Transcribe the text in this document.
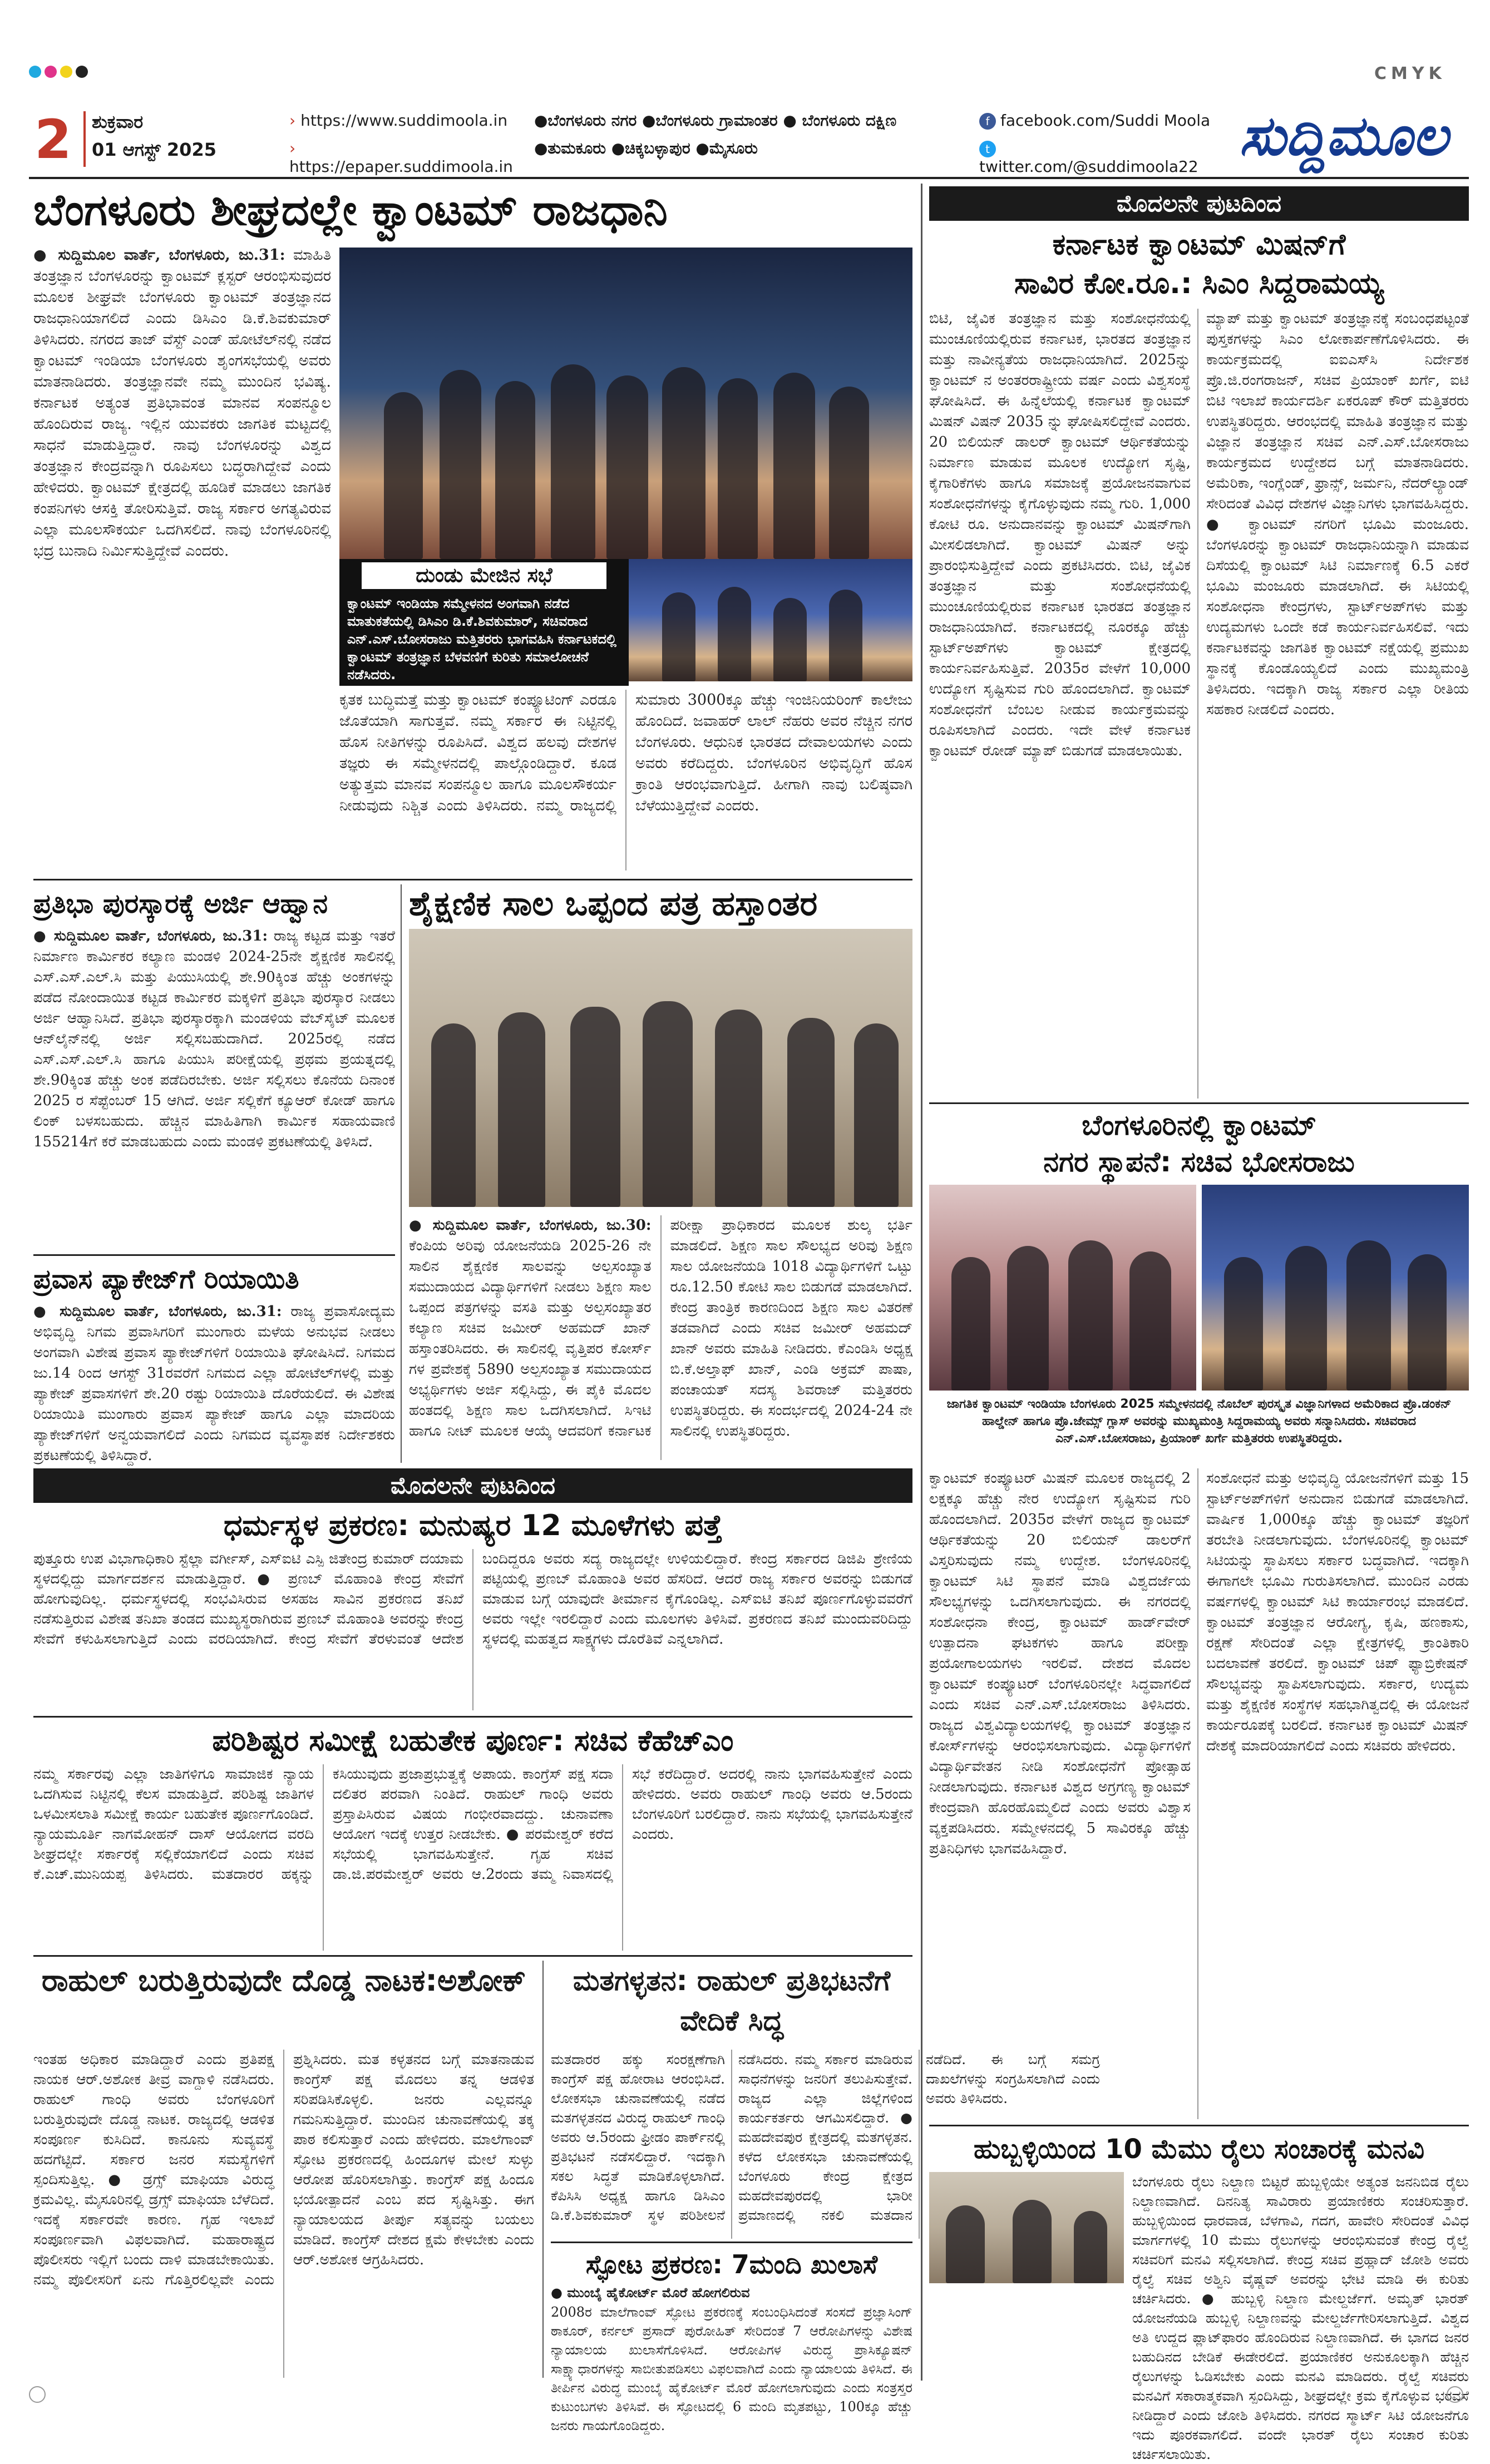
CMYK
2	ಶುಕ್ರವಾರ
01 ಆಗಸ್ಟ್ 2025
› https://www.suddimoola.in
› https://epaper.suddimoola.in
●ಬೆಂಗಳೂರು ನಗರ ●ಬೆಂಗಳೂರು ಗ್ರಾಮಾಂತರ ● ಬೆಂಗಳೂರು ದಕ್ಷಿಣ
●ತುಮಕೂರು ●ಚಿಕ್ಕಬಳ್ಳಾಪುರ ●ಮೈಸೂರು
f facebook.com/Suddi Moola
ttwitter.com/@suddimoola22 ಸುದ್ದಿಮೂಲ
ಬೆಂಗಳೂರು ಶೀಘ್ರದಲ್ಲೇ ಕ್ವಾಂಟಮ್ ರಾಜಧಾನಿ
● ಸುದ್ದಿಮೂಲ ವಾರ್ತೆ, ಬೆಂಗಳೂರು, ಜು.31: ಮಾಹಿತಿ ತಂತ್ರಜ್ಞಾನ ಬೆಂಗಳೂರನ್ನು ಕ್ವಾಂಟಮ್ ಕ್ಲಸ್ಟರ್ ಆರಂಭಿಸುವುದರ ಮೂಲಕ ಶೀಘ್ರವೇ ಬೆಂಗಳೂರು ಕ್ವಾಂಟಮ್ ತಂತ್ರಜ್ಞಾನದ ರಾಜಧಾನಿಯಾಗಲಿದೆ ಎಂದು ಡಿಸಿಎಂ ಡಿ.ಕೆ.ಶಿವಕುಮಾರ್ ತಿಳಿಸಿದರು. ನಗರದ ತಾಜ್ ವೆಸ್ಟ್ ಎಂಡ್ ಹೋಟೆಲ್‌ನಲ್ಲಿ ನಡೆದ ಕ್ವಾಂಟಮ್ ಇಂಡಿಯಾ ಬೆಂಗಳೂರು ಶೃಂಗಸಭೆಯಲ್ಲಿ ಅವರು ಮಾತನಾಡಿದರು. ತಂತ್ರಜ್ಞಾನವೇ ನಮ್ಮ ಮುಂದಿನ ಭವಿಷ್ಯ. ಕರ್ನಾಟಕ ಅತ್ಯಂತ ಪ್ರತಿಭಾವಂತ ಮಾನವ ಸಂಪನ್ಮೂಲ ಹೊಂದಿರುವ ರಾಜ್ಯ. ಇಲ್ಲಿನ ಯುವಕರು ಜಾಗತಿಕ ಮಟ್ಟದಲ್ಲಿ ಸಾಧನೆ ಮಾಡುತ್ತಿದ್ದಾರೆ. ನಾವು ಬೆಂಗಳೂರನ್ನು ವಿಶ್ವದ ತಂತ್ರಜ್ಞಾನ ಕೇಂದ್ರವನ್ನಾಗಿ ರೂಪಿಸಲು ಬದ್ಧರಾಗಿದ್ದೇವೆ ಎಂದು ಹೇಳಿದರು. ಕ್ವಾಂಟಮ್ ಕ್ಷೇತ್ರದಲ್ಲಿ ಹೂಡಿಕೆ ಮಾಡಲು ಜಾಗತಿಕ ಕಂಪನಿಗಳು ಆಸಕ್ತಿ ತೋರಿಸುತ್ತಿವೆ. ರಾಜ್ಯ ಸರ್ಕಾರ ಅಗತ್ಯವಿರುವ ಎಲ್ಲಾ ಮೂಲಸೌಕರ್ಯ ಒದಗಿಸಲಿದೆ. ನಾವು ಬೆಂಗಳೂರಿನಲ್ಲಿ ಭದ್ರ ಬುನಾದಿ ನಿರ್ಮಿಸುತ್ತಿದ್ದೇವೆ ಎಂದರು.
ದುಂಡು ಮೇಜಿನ ಸಭೆ
ಕ್ವಾಂಟಮ್ ಇಂಡಿಯಾ ಸಮ್ಮೇಳನದ ಅಂಗವಾಗಿ ನಡೆದ ಮಾತುಕತೆಯಲ್ಲಿ ಡಿಸಿಎಂ ಡಿ.ಕೆ.ಶಿವಕುಮಾರ್, ಸಚಿವರಾದ ಎನ್.ಎಸ್.ಬೋಸರಾಜು ಮತ್ತಿತರರು ಭಾಗವಹಿಸಿ ಕರ್ನಾಟಕದಲ್ಲಿ ಕ್ವಾಂಟಮ್ ತಂತ್ರಜ್ಞಾನ ಬೆಳವಣಿಗೆ ಕುರಿತು ಸಮಾಲೋಚನೆ ನಡೆಸಿದರು.
ಕೃತಕ ಬುದ್ಧಿಮತ್ತೆ ಮತ್ತು ಕ್ವಾಂಟಮ್ ಕಂಪ್ಯೂಟಿಂಗ್ ಎರಡೂ ಜೊತೆಯಾಗಿ ಸಾಗುತ್ತವೆ. ನಮ್ಮ ಸರ್ಕಾರ ಈ ನಿಟ್ಟಿನಲ್ಲಿ ಹೊಸ ನೀತಿಗಳನ್ನು ರೂಪಿಸಿದೆ. ವಿಶ್ವದ ಹಲವು ದೇಶಗಳ ತಜ್ಞರು ಈ ಸಮ್ಮೇಳನದಲ್ಲಿ ಪಾಲ್ಗೊಂಡಿದ್ದಾರೆ. ಕೂಡ ಅತ್ಯುತ್ತಮ ಮಾನವ ಸಂಪನ್ಮೂಲ ಹಾಗೂ ಮೂಲಸೌಕರ್ಯ ನೀಡುವುದು ನಿಶ್ಚಿತ ಎಂದು ತಿಳಿಸಿದರು. ನಮ್ಮ ರಾಜ್ಯದಲ್ಲಿ ಸುಮಾರು 3000ಕ್ಕೂ ಹೆಚ್ಚು ಇಂಜಿನಿಯರಿಂಗ್ ಕಾಲೇಜು ಹೊಂದಿದೆ. ಜವಾಹರ್ ಲಾಲ್ ನೆಹರು ಅವರ ನೆಚ್ಚಿನ ನಗರ ಬೆಂಗಳೂರು. ಆಧುನಿಕ ಭಾರತದ ದೇವಾಲಯಗಳು ಎಂದು ಅವರು ಕರೆದಿದ್ದರು. ಬೆಂಗಳೂರಿನ ಅಭಿವೃದ್ಧಿಗೆ ಹೊಸ ಕ್ರಾಂತಿ ಆರಂಭವಾಗುತ್ತಿದೆ. ಹೀಗಾಗಿ ನಾವು ಬಲಿಷ್ಠವಾಗಿ ಬೆಳೆಯುತ್ತಿದ್ದೇವೆ ಎಂದರು.
ಪ್ರತಿಭಾ ಪುರಸ್ಕಾರಕ್ಕೆ ಅರ್ಜಿ ಆಹ್ವಾನ
● ಸುದ್ದಿಮೂಲ ವಾರ್ತೆ, ಬೆಂಗಳೂರು, ಜು.31: ರಾಜ್ಯ ಕಟ್ಟಡ ಮತ್ತು ಇತರೆ ನಿರ್ಮಾಣ ಕಾರ್ಮಿಕರ ಕಲ್ಯಾಣ ಮಂಡಳಿ 2024-25ನೇ ಶೈಕ್ಷಣಿಕ ಸಾಲಿನಲ್ಲಿ ಎಸ್.ಎಸ್.ಎಲ್.ಸಿ ಮತ್ತು ಪಿಯುಸಿಯಲ್ಲಿ ಶೇ.90ಕ್ಕಿಂತ ಹೆಚ್ಚು ಅಂಕಗಳನ್ನು ಪಡೆದ ನೋಂದಾಯಿತ ಕಟ್ಟಡ ಕಾರ್ಮಿಕರ ಮಕ್ಕಳಿಗೆ ಪ್ರತಿಭಾ ಪುರಸ್ಕಾರ ನೀಡಲು ಅರ್ಜಿ ಆಹ್ವಾನಿಸಿದೆ. ಪ್ರತಿಭಾ ಪುರಸ್ಕಾರಕ್ಕಾಗಿ ಮಂಡಳಿಯ ವೆಬ್‌ಸೈಟ್ ಮೂಲಕ ಆನ್‌ಲೈನ್‌ನಲ್ಲಿ ಅರ್ಜಿ ಸಲ್ಲಿಸಬಹುದಾಗಿದೆ. 2025ರಲ್ಲಿ ನಡೆದ ಎಸ್.ಎಸ್.ಎಲ್.ಸಿ ಹಾಗೂ ಪಿಯುಸಿ ಪರೀಕ್ಷೆಯಲ್ಲಿ ಪ್ರಥಮ ಪ್ರಯತ್ನದಲ್ಲಿ ಶೇ.90ಕ್ಕಿಂತ ಹೆಚ್ಚು ಅಂಕ ಪಡೆದಿರಬೇಕು. ಅರ್ಜಿ ಸಲ್ಲಿಸಲು ಕೊನೆಯ ದಿನಾಂಕ 2025 ರ ಸೆಪ್ಟೆಂಬರ್ 15 ಆಗಿದೆ. ಅರ್ಜಿ ಸಲ್ಲಿಕೆಗೆ ಕ್ಯೂಆರ್ ಕೋಡ್ ಹಾಗೂ ಲಿಂಕ್ ಬಳಸಬಹುದು. ಹೆಚ್ಚಿನ ಮಾಹಿತಿಗಾಗಿ ಕಾರ್ಮಿಕ ಸಹಾಯವಾಣಿ 155214ಗೆ ಕರೆ ಮಾಡಬಹುದು ಎಂದು ಮಂಡಳಿ ಪ್ರಕಟಣೆಯಲ್ಲಿ ತಿಳಿಸಿದೆ.
ಪ್ರವಾಸ ಪ್ಯಾಕೇಜ್‌ಗೆ ರಿಯಾಯಿತಿ
● ಸುದ್ದಿಮೂಲ ವಾರ್ತೆ, ಬೆಂಗಳೂರು, ಜು.31: ರಾಜ್ಯ ಪ್ರವಾಸೋದ್ಯಮ ಅಭಿವೃದ್ಧಿ ನಿಗಮ ಪ್ರವಾಸಿಗರಿಗೆ ಮುಂಗಾರು ಮಳೆಯ ಅನುಭವ ನೀಡಲು ಅಂಗವಾಗಿ ವಿಶೇಷ ಪ್ರವಾಸ ಪ್ಯಾಕೇಜ್‌ಗಳಿಗೆ ರಿಯಾಯಿತಿ ಘೋಷಿಸಿದೆ. ನಿಗಮದ ಜು.14 ರಿಂದ ಆಗಸ್ಟ್ 31ರವರೆಗೆ ನಿಗಮದ ಎಲ್ಲಾ ಹೋಟೆಲ್‌ಗಳಲ್ಲಿ ಮತ್ತು ಪ್ಯಾಕೇಜ್ ಪ್ರವಾಸಗಳಿಗೆ ಶೇ.20 ರಷ್ಟು ರಿಯಾಯಿತಿ ದೊರೆಯಲಿದೆ. ಈ ವಿಶೇಷ ರಿಯಾಯಿತಿ ಮುಂಗಾರು ಪ್ರವಾಸ ಪ್ಯಾಕೇಜ್ ಹಾಗೂ ಎಲ್ಲಾ ಮಾದರಿಯ ಪ್ಯಾಕೇಜ್‌ಗಳಿಗೆ ಅನ್ವಯವಾಗಲಿದೆ ಎಂದು ನಿಗಮದ ವ್ಯವಸ್ಥಾಪಕ ನಿರ್ದೇಶಕರು ಪ್ರಕಟಣೆಯಲ್ಲಿ ತಿಳಿಸಿದ್ದಾರೆ.
ಶೈಕ್ಷಣಿಕ ಸಾಲ ಒಪ್ಪಂದ ಪತ್ರ ಹಸ್ತಾಂತರ
● ಸುದ್ದಿಮೂಲ ವಾರ್ತೆ, ಬೆಂಗಳೂರು, ಜು.30: ಕೆಂಪಿಯ ಅರಿವು ಯೋಜನೆಯಡಿ 2025-26 ನೇ ಸಾಲಿನ ಶೈಕ್ಷಣಿಕ ಸಾಲವನ್ನು ಅಲ್ಪಸಂಖ್ಯಾತ ಸಮುದಾಯದ ವಿದ್ಯಾರ್ಥಿಗಳಿಗೆ ನೀಡಲು ಶಿಕ್ಷಣ ಸಾಲ ಒಪ್ಪಂದ ಪತ್ರಗಳನ್ನು ವಸತಿ ಮತ್ತು ಅಲ್ಪಸಂಖ್ಯಾತರ ಕಲ್ಯಾಣ ಸಚಿವ ಜಮೀರ್ ಅಹಮದ್ ಖಾನ್ ಹಸ್ತಾಂತರಿಸಿದರು. ಈ ಸಾಲಿನಲ್ಲಿ ವೃತ್ತಿಪರ ಕೋರ್ಸ್ ಗಳ ಪ್ರವೇಶಕ್ಕೆ 5890 ಅಲ್ಪಸಂಖ್ಯಾತ ಸಮುದಾಯದ ಅಭ್ಯರ್ಥಿಗಳು ಅರ್ಜಿ ಸಲ್ಲಿಸಿದ್ದು, ಈ ಪೈಕಿ ಮೊದಲ ಹಂತದಲ್ಲಿ ಶಿಕ್ಷಣ ಸಾಲ ಒದಗಿಸಲಾಗಿದೆ. ಸಿಇಟಿ ಹಾಗೂ ನೀಟ್ ಮೂಲಕ ಆಯ್ಕೆ ಆದವರಿಗೆ ಕರ್ನಾಟಕ ಪರೀಕ್ಷಾ ಪ್ರಾಧಿಕಾರದ ಮೂಲಕ ಶುಲ್ಕ ಭರ್ತಿ ಮಾಡಲಿದೆ. ಶಿಕ್ಷಣ ಸಾಲ ಸೌಲಭ್ಯದ ಅರಿವು ಶಿಕ್ಷಣ ಸಾಲ ಯೋಜನೆಯಡಿ 1018 ವಿದ್ಯಾರ್ಥಿಗಳಿಗೆ ಒಟ್ಟು ರೂ.12.50 ಕೋಟಿ ಸಾಲ ಬಿಡುಗಡೆ ಮಾಡಲಾಗಿದೆ. ಕೇಂದ್ರ ತಾಂತ್ರಿಕ ಕಾರಣದಿಂದ ಶಿಕ್ಷಣ ಸಾಲ ವಿತರಣೆ ತಡವಾಗಿದೆ ಎಂದು ಸಚಿವ ಜಮೀರ್ ಅಹಮದ್ ಖಾನ್ ಅವರು ಮಾಹಿತಿ ನೀಡಿದರು. ಕೆಎಂಡಿಸಿ ಅಧ್ಯಕ್ಷ ಬಿ.ಕೆ.ಅಲ್ತಾಫ್ ಖಾನ್, ಎಂಡಿ ಅಕ್ರಮ್ ಪಾಷಾ, ಪಂಚಾಯತ್ ಸದಸ್ಯ ಶಿವರಾಜ್ ಮತ್ತಿತರರು ಉಪಸ್ಥಿತರಿದ್ದರು. ಈ ಸಂದರ್ಭದಲ್ಲಿ 2024-24 ನೇ ಸಾಲಿನಲ್ಲಿ ಉಪಸ್ಥಿತರಿದ್ದರು.
ಮೊದಲನೇ ಪುಟದಿಂದ
ಧರ್ಮಸ್ಥಳ ಪ್ರಕರಣ: ಮನುಷ್ಯರ 12 ಮೂಳೆಗಳು ಪತ್ತೆ
ಪುತ್ತೂರು ಉಪ ವಿಭಾಗಾಧಿಕಾರಿ ಸ್ಟೆಲ್ಲಾ ವರ್ಗೀಸ್, ಎಸ್‌ಐಟಿ ಎಸ್ಪಿ ಜಿತೇಂದ್ರ ಕುಮಾರ್ ದಯಾಮ ಸ್ಥಳದಲ್ಲಿದ್ದು ಮಾರ್ಗದರ್ಶನ ಮಾಡುತ್ತಿದ್ದಾರೆ. ● ಪ್ರಣಬ್ ಮೊಹಾಂತಿ ಕೇಂದ್ರ ಸೇವೆಗೆ ಹೋಗುವುದಿಲ್ಲ. ಧರ್ಮಸ್ಥಳದಲ್ಲಿ ಸಂಭವಿಸಿರುವ ಅಸಹಜ ಸಾವಿನ ಪ್ರಕರಣದ ತನಿಖೆ ನಡೆಸುತ್ತಿರುವ ವಿಶೇಷ ತನಿಖಾ ತಂಡದ ಮುಖ್ಯಸ್ಥರಾಗಿರುವ ಪ್ರಣಬ್ ಮೊಹಾಂತಿ ಅವರನ್ನು ಕೇಂದ್ರ ಸೇವೆಗೆ ಕಳುಹಿಸಲಾಗುತ್ತಿದೆ ಎಂದು ವರದಿಯಾಗಿದೆ. ಕೇಂದ್ರ ಸೇವೆಗೆ ತೆರಳುವಂತೆ ಆದೇಶ ಬಂದಿದ್ದರೂ ಅವರು ಸದ್ಯ ರಾಜ್ಯದಲ್ಲೇ ಉಳಿಯಲಿದ್ದಾರೆ. ಕೇಂದ್ರ ಸರ್ಕಾರದ ಡಿಜಿಪಿ ಶ್ರೇಣಿಯ ಪಟ್ಟಿಯಲ್ಲಿ ಪ್ರಣಬ್ ಮೊಹಾಂತಿ ಅವರ ಹೆಸರಿದೆ. ಆದರೆ ರಾಜ್ಯ ಸರ್ಕಾರ ಅವರನ್ನು ಬಿಡುಗಡೆ ಮಾಡುವ ಬಗ್ಗೆ ಯಾವುದೇ ತೀರ್ಮಾನ ಕೈಗೊಂಡಿಲ್ಲ. ಎಸ್‌ಐಟಿ ತನಿಖೆ ಪೂರ್ಣಗೊಳ್ಳುವವರೆಗೆ ಅವರು ಇಲ್ಲೇ ಇರಲಿದ್ದಾರೆ ಎಂದು ಮೂಲಗಳು ತಿಳಿಸಿವೆ. ಪ್ರಕರಣದ ತನಿಖೆ ಮುಂದುವರಿದಿದ್ದು ಸ್ಥಳದಲ್ಲಿ ಮಹತ್ವದ ಸಾಕ್ಷ್ಯಗಳು ದೊರೆತಿವೆ ಎನ್ನಲಾಗಿದೆ.
ಪರಿಶಿಷ್ಟರ ಸಮೀಕ್ಷೆ ಬಹುತೇಕ ಪೂರ್ಣ: ಸಚಿವ ಕೆಹೆಚ್‌ಎಂ
ನಮ್ಮ ಸರ್ಕಾರವು ಎಲ್ಲಾ ಜಾತಿಗಳಿಗೂ ಸಾಮಾಜಿಕ ನ್ಯಾಯ ಒದಗಿಸುವ ನಿಟ್ಟಿನಲ್ಲಿ ಕೆಲಸ ಮಾಡುತ್ತಿದೆ. ಪರಿಶಿಷ್ಟ ಜಾತಿಗಳ ಒಳಮೀಸಲಾತಿ ಸಮೀಕ್ಷೆ ಕಾರ್ಯ ಬಹುತೇಕ ಪೂರ್ಣಗೊಂಡಿದೆ. ನ್ಯಾಯಮೂರ್ತಿ ನಾಗಮೋಹನ್ ದಾಸ್ ಆಯೋಗದ ವರದಿ ಶೀಘ್ರದಲ್ಲೇ ಸರ್ಕಾರಕ್ಕೆ ಸಲ್ಲಿಕೆಯಾಗಲಿದೆ ಎಂದು ಸಚಿವ ಕೆ.ಎಚ್.ಮುನಿಯಪ್ಪ ತಿಳಿಸಿದರು. ಮತದಾರರ ಹಕ್ಕನ್ನು ಕಸಿಯುವುದು ಪ್ರಜಾಪ್ರಭುತ್ವಕ್ಕೆ ಅಪಾಯ. ಕಾಂಗ್ರೆಸ್ ಪಕ್ಷ ಸದಾ ದಲಿತರ ಪರವಾಗಿ ನಿಂತಿದೆ. ರಾಹುಲ್ ಗಾಂಧಿ ಅವರು ಪ್ರಸ್ತಾಪಿಸಿರುವ ವಿಷಯ ಗಂಭೀರವಾದದ್ದು. ಚುನಾವಣಾ ಆಯೋಗ ಇದಕ್ಕೆ ಉತ್ತರ ನೀಡಬೇಕು. ● ಪರಮೇಶ್ವರ್ ಕರೆದ ಸಭೆಯಲ್ಲಿ ಭಾಗವಹಿಸುತ್ತೇನೆ. ಗೃಹ ಸಚಿವ ಡಾ.ಜಿ.ಪರಮೇಶ್ವರ್ ಅವರು ಆ.2ರಂದು ತಮ್ಮ ನಿವಾಸದಲ್ಲಿ ಸಭೆ ಕರೆದಿದ್ದಾರೆ. ಅದರಲ್ಲಿ ನಾನು ಭಾಗವಹಿಸುತ್ತೇನೆ ಎಂದು ಹೇಳಿದರು. ಅವರು ರಾಹುಲ್ ಗಾಂಧಿ ಅವರು ಆ.5ರಂದು ಬೆಂಗಳೂರಿಗೆ ಬರಲಿದ್ದಾರೆ. ನಾನು ಸಭೆಯಲ್ಲಿ ಭಾಗವಹಿಸುತ್ತೇನೆ ಎಂದರು.
ರಾಹುಲ್ ಬರುತ್ತಿರುವುದೇ ದೊಡ್ಡ ನಾಟಕ:ಅಶೋಕ್
ಇಂತಹ ಅಧಿಕಾರ ಮಾಡಿದ್ದಾರೆ ಎಂದು ಪ್ರತಿಪಕ್ಷ ನಾಯಕ ಆರ್.ಅಶೋಕ ತೀವ್ರ ವಾಗ್ದಾಳಿ ನಡೆಸಿದರು. ರಾಹುಲ್ ಗಾಂಧಿ ಅವರು ಬೆಂಗಳೂರಿಗೆ ಬರುತ್ತಿರುವುದೇ ದೊಡ್ಡ ನಾಟಕ. ರಾಜ್ಯದಲ್ಲಿ ಆಡಳಿತ ಸಂಪೂರ್ಣ ಕುಸಿದಿದೆ. ಕಾನೂನು ಸುವ್ಯವಸ್ಥೆ ಹದಗೆಟ್ಟಿದೆ. ಸರ್ಕಾರ ಜನರ ಸಮಸ್ಯೆಗಳಿಗೆ ಸ್ಪಂದಿಸುತ್ತಿಲ್ಲ. ● ಡ್ರಗ್ಸ್ ಮಾಫಿಯಾ ವಿರುದ್ಧ ಕ್ರಮವಿಲ್ಲ. ಮೈಸೂರಿನಲ್ಲಿ ಡ್ರಗ್ಸ್ ಮಾಫಿಯಾ ಬೆಳೆದಿದೆ. ಇದಕ್ಕೆ ಸರ್ಕಾರವೇ ಕಾರಣ. ಗೃಹ ಇಲಾಖೆ ಸಂಪೂರ್ಣವಾಗಿ ವಿಫಲವಾಗಿದೆ. ಮಹಾರಾಷ್ಟ್ರದ ಪೊಲೀಸರು ಇಲ್ಲಿಗೆ ಬಂದು ದಾಳಿ ಮಾಡಬೇಕಾಯಿತು. ನಮ್ಮ ಪೊಲೀಸರಿಗೆ ಏನು ಗೊತ್ತಿರಲಿಲ್ಲವೇ ಎಂದು ಪ್ರಶ್ನಿಸಿದರು. ಮತ ಕಳ್ಳತನದ ಬಗ್ಗೆ ಮಾತನಾಡುವ ಕಾಂಗ್ರೆಸ್ ಪಕ್ಷ ಮೊದಲು ತನ್ನ ಆಡಳಿತ ಸರಿಪಡಿಸಿಕೊಳ್ಳಲಿ. ಜನರು ಎಲ್ಲವನ್ನೂ ಗಮನಿಸುತ್ತಿದ್ದಾರೆ. ಮುಂದಿನ ಚುನಾವಣೆಯಲ್ಲಿ ತಕ್ಕ ಪಾಠ ಕಲಿಸುತ್ತಾರೆ ಎಂದು ಹೇಳಿದರು. ಮಾಲೆಗಾಂವ್ ಸ್ಫೋಟ ಪ್ರಕರಣದಲ್ಲಿ ಹಿಂದೂಗಳ ಮೇಲೆ ಸುಳ್ಳು ಆರೋಪ ಹೊರಿಸಲಾಗಿತ್ತು. ಕಾಂಗ್ರೆಸ್ ಪಕ್ಷ ಹಿಂದೂ ಭಯೋತ್ಪಾದನೆ ಎಂಬ ಪದ ಸೃಷ್ಟಿಸಿತ್ತು. ಈಗ ನ್ಯಾಯಾಲಯದ ತೀರ್ಪು ಸತ್ಯವನ್ನು ಬಯಲು ಮಾಡಿದೆ. ಕಾಂಗ್ರೆಸ್ ದೇಶದ ಕ್ಷಮೆ ಕೇಳಬೇಕು ಎಂದು ಆರ್.ಅಶೋಕ ಆಗ್ರಹಿಸಿದರು.
ಮತಗಳ್ಳತನ: ರಾಹುಲ್ ಪ್ರತಿಭಟನೆಗೆ ವೇದಿಕೆ ಸಿದ್ಧ
ಮತದಾರರ ಹಕ್ಕು ಸಂರಕ್ಷಣೆಗಾಗಿ ಕಾಂಗ್ರೆಸ್ ಪಕ್ಷ ಹೋರಾಟ ಆರಂಭಿಸಿದೆ. ಲೋಕಸಭಾ ಚುನಾವಣೆಯಲ್ಲಿ ನಡೆದ ಮತಗಳ್ಳತನದ ವಿರುದ್ಧ ರಾಹುಲ್ ಗಾಂಧಿ ಅವರು ಆ.5ರಂದು ಫ್ರೀಡಂ ಪಾರ್ಕ್‌ನಲ್ಲಿ ಪ್ರತಿಭಟನೆ ನಡೆಸಲಿದ್ದಾರೆ. ಇದಕ್ಕಾಗಿ ಸಕಲ ಸಿದ್ಧತೆ ಮಾಡಿಕೊಳ್ಳಲಾಗಿದೆ. ಕೆಪಿಸಿಸಿ ಅಧ್ಯಕ್ಷ ಹಾಗೂ ಡಿಸಿಎಂ ಡಿ.ಕೆ.ಶಿವಕುಮಾರ್ ಸ್ಥಳ ಪರಿಶೀಲನೆ ನಡೆಸಿದರು. ನಮ್ಮ ಸರ್ಕಾರ ಮಾಡಿರುವ ಸಾಧನೆಗಳನ್ನು ಜನರಿಗೆ ತಲುಪಿಸುತ್ತೇವೆ. ರಾಜ್ಯದ ಎಲ್ಲಾ ಜಿಲ್ಲೆಗಳಿಂದ ಕಾರ್ಯಕರ್ತರು ಆಗಮಿಸಲಿದ್ದಾರೆ. ● ಮಹದೇವಪುರ ಕ್ಷೇತ್ರದಲ್ಲಿ ಮತಗಳ್ಳತನ. ಕಳೆದ ಲೋಕಸಭಾ ಚುನಾವಣೆಯಲ್ಲಿ ಬೆಂಗಳೂರು ಕೇಂದ್ರ ಕ್ಷೇತ್ರದ ಮಹದೇವಪುರದಲ್ಲಿ ಭಾರೀ ಪ್ರಮಾಣದಲ್ಲಿ ನಕಲಿ ಮತದಾನ ನಡೆದಿದೆ. ಈ ಬಗ್ಗೆ ಸಮಗ್ರ ದಾಖಲೆಗಳನ್ನು ಸಂಗ್ರಹಿಸಲಾಗಿದೆ ಎಂದು ಅವರು ತಿಳಿಸಿದರು.
ಸ್ಫೋಟ ಪ್ರಕರಣ: 7ಮಂದಿ ಖುಲಾಸೆ
● ಮುಂಬೈ ಹೈಕೋರ್ಟ್ ಮೊರೆ ಹೋಗಲಿರುವ
2008ರ ಮಾಲೆಗಾಂವ್ ಸ್ಫೋಟ ಪ್ರಕರಣಕ್ಕೆ ಸಂಬಂಧಿಸಿದಂತೆ ಸಂಸದೆ ಪ್ರಜ್ಞಾಸಿಂಗ್ ಠಾಕೂರ್, ಕರ್ನಲ್ ಪ್ರಸಾದ್ ಪುರೋಹಿತ್ ಸೇರಿದಂತೆ 7 ಆರೋಪಿಗಳನ್ನು ವಿಶೇಷ ನ್ಯಾಯಾಲಯ ಖುಲಾಸೆಗೊಳಿಸಿದೆ. ಆರೋಪಿಗಳ ವಿರುದ್ಧ ಪ್ರಾಸಿಕ್ಯೂಷನ್ ಸಾಕ್ಷ್ಯಾಧಾರಗಳನ್ನು ಸಾಬೀತುಪಡಿಸಲು ವಿಫಲವಾಗಿದೆ ಎಂದು ನ್ಯಾಯಾಲಯ ತಿಳಿಸಿದೆ. ಈ ತೀರ್ಪಿನ ವಿರುದ್ಧ ಮುಂಬೈ ಹೈಕೋರ್ಟ್ ಮೊರೆ ಹೋಗಲಾಗುವುದು ಎಂದು ಸಂತ್ರಸ್ತರ ಕುಟುಂಬಗಳು ತಿಳಿಸಿವೆ. ಈ ಸ್ಫೋಟದಲ್ಲಿ 6 ಮಂದಿ ಮೃತಪಟ್ಟು, 100ಕ್ಕೂ ಹೆಚ್ಚು ಜನರು ಗಾಯಗೊಂಡಿದ್ದರು.
ಮೊದಲನೇ ಪುಟದಿಂದ
ಕರ್ನಾಟಕ ಕ್ವಾಂಟಮ್ ಮಿಷನ್‌ಗೆ
ಸಾವಿರ ಕೋ.ರೂ.: ಸಿಎಂ ಸಿದ್ದರಾಮಯ್ಯ
ಬಿಟಿ, ಜೈವಿಕ ತಂತ್ರಜ್ಞಾನ ಮತ್ತು ಸಂಶೋಧನೆಯಲ್ಲಿ ಮುಂಚೂಣಿಯಲ್ಲಿರುವ ಕರ್ನಾಟಕ, ಭಾರತದ ತಂತ್ರಜ್ಞಾನ ಮತ್ತು ನಾವೀನ್ಯತೆಯ ರಾಜಧಾನಿಯಾಗಿದೆ. 2025ನ್ನು ಕ್ವಾಂಟಮ್ ನ ಅಂತರರಾಷ್ಟ್ರೀಯ ವರ್ಷ ಎಂದು ವಿಶ್ವಸಂಸ್ಥೆ ಘೋಷಿಸಿದೆ. ಈ ಹಿನ್ನೆಲೆಯಲ್ಲಿ ಕರ್ನಾಟಕ ಕ್ವಾಂಟಮ್ ಮಿಷನ್ ವಿಷನ್ 2035 ನ್ನು ಘೋಷಿಸಲಿದ್ದೇವೆ ಎಂದರು. 20 ಬಿಲಿಯನ್ ಡಾಲರ್ ಕ್ವಾಂಟಮ್ ಆರ್ಥಿಕತೆಯನ್ನು ನಿರ್ಮಾಣ ಮಾಡುವ ಮೂಲಕ ಉದ್ಯೋಗ ಸೃಷ್ಟಿ, ಕೈಗಾರಿಕೆಗಳು ಹಾಗೂ ಸಮಾಜಕ್ಕೆ ಪ್ರಯೋಜನವಾಗುವ ಸಂಶೋಧನೆಗಳನ್ನು ಕೈಗೊಳ್ಳುವುದು ನಮ್ಮ ಗುರಿ. 1,000 ಕೋಟಿ ರೂ. ಅನುದಾನವನ್ನು ಕ್ವಾಂಟಮ್ ಮಿಷನ್‌ಗಾಗಿ ಮೀಸಲಿಡಲಾಗಿದೆ. ಕ್ವಾಂಟಮ್ ಮಿಷನ್ ಅನ್ನು ಪ್ರಾರಂಭಿಸುತ್ತಿದ್ದೇವೆ ಎಂದು ಪ್ರಕಟಿಸಿದರು. ಬಿಟಿ, ಜೈವಿಕ ತಂತ್ರಜ್ಞಾನ ಮತ್ತು ಸಂಶೋಧನೆಯಲ್ಲಿ ಮುಂಚೂಣಿಯಲ್ಲಿರುವ ಕರ್ನಾಟಕ ಭಾರತದ ತಂತ್ರಜ್ಞಾನ ರಾಜಧಾನಿಯಾಗಿದೆ. ಕರ್ನಾಟಕದಲ್ಲಿ ನೂರಕ್ಕೂ ಹೆಚ್ಚು ಸ್ಟಾರ್ಟ್‌ಅಪ್‌ಗಳು ಕ್ವಾಂಟಮ್ ಕ್ಷೇತ್ರದಲ್ಲಿ ಕಾರ್ಯನಿರ್ವಹಿಸುತ್ತಿವೆ. 2035ರ ವೇಳೆಗೆ 10,000 ಉದ್ಯೋಗ ಸೃಷ್ಟಿಸುವ ಗುರಿ ಹೊಂದಲಾಗಿದೆ. ಕ್ವಾಂಟಮ್ ಸಂಶೋಧನೆಗೆ ಬೆಂಬಲ ನೀಡುವ ಕಾರ್ಯಕ್ರಮವನ್ನು ರೂಪಿಸಲಾಗಿದೆ ಎಂದರು. ಇದೇ ವೇಳೆ ಕರ್ನಾಟಕ ಕ್ವಾಂಟಮ್ ರೋಡ್ ಮ್ಯಾಪ್ ಬಿಡುಗಡೆ ಮಾಡಲಾಯಿತು.
ಮ್ಯಾಪ್ ಮತ್ತು ಕ್ವಾಂಟಮ್ ತಂತ್ರಜ್ಞಾನಕ್ಕೆ ಸಂಬಂಧಪಟ್ಟಂತೆ ಪುಸ್ತಕಗಳನ್ನು ಸಿಎಂ ಲೋಕಾರ್ಪಣೆಗೊಳಿಸಿದರು. ಈ ಕಾರ್ಯಕ್ರಮದಲ್ಲಿ ಐಐಎಸ್‌ಸಿ ನಿರ್ದೇಶಕ ಪ್ರೊ.ಜಿ.ರಂಗರಾಜನ್, ಸಚಿವ ಪ್ರಿಯಾಂಕ್ ಖರ್ಗೆ, ಐಟಿ ಬಿಟಿ ಇಲಾಖೆ ಕಾರ್ಯದರ್ಶಿ ಏಕರೂಪ್ ಕೌರ್ ಮತ್ತಿತರರು ಉಪಸ್ಥಿತರಿದ್ದರು. ಆರಂಭದಲ್ಲಿ ಮಾಹಿತಿ ತಂತ್ರಜ್ಞಾನ ಮತ್ತು ವಿಜ್ಞಾನ ತಂತ್ರಜ್ಞಾನ ಸಚಿವ ಎನ್.ಎಸ್.ಬೋಸರಾಜು ಕಾರ್ಯಕ್ರಮದ ಉದ್ದೇಶದ ಬಗ್ಗೆ ಮಾತನಾಡಿದರು. ಅಮೆರಿಕಾ, ಇಂಗ್ಲೆಂಡ್, ಫ್ರಾನ್ಸ್, ಜರ್ಮನಿ, ನೆದರ್‌ಲ್ಯಾಂಡ್ ಸೇರಿದಂತೆ ವಿವಿಧ ದೇಶಗಳ ವಿಜ್ಞಾನಿಗಳು ಭಾಗವಹಿಸಿದ್ದರು. ● ಕ್ವಾಂಟಮ್ ನಗರಿಗೆ ಭೂಮಿ ಮಂಜೂರು. ಬೆಂಗಳೂರನ್ನು ಕ್ವಾಂಟಮ್ ರಾಜಧಾನಿಯನ್ನಾಗಿ ಮಾಡುವ ದಿಸೆಯಲ್ಲಿ ಕ್ವಾಂಟಮ್ ಸಿಟಿ ನಿರ್ಮಾಣಕ್ಕೆ 6.5 ಎಕರೆ ಭೂಮಿ ಮಂಜೂರು ಮಾಡಲಾಗಿದೆ. ಈ ಸಿಟಿಯಲ್ಲಿ ಸಂಶೋಧನಾ ಕೇಂದ್ರಗಳು, ಸ್ಟಾರ್ಟ್‌ಅಪ್‌ಗಳು ಮತ್ತು ಉದ್ಯಮಗಳು ಒಂದೇ ಕಡೆ ಕಾರ್ಯನಿರ್ವಹಿಸಲಿವೆ. ಇದು ಕರ್ನಾಟಕವನ್ನು ಜಾಗತಿಕ ಕ್ವಾಂಟಮ್ ನಕ್ಷೆಯಲ್ಲಿ ಪ್ರಮುಖ ಸ್ಥಾನಕ್ಕೆ ಕೊಂಡೊಯ್ಯಲಿದೆ ಎಂದು ಮುಖ್ಯಮಂತ್ರಿ ತಿಳಿಸಿದರು. ಇದಕ್ಕಾಗಿ ರಾಜ್ಯ ಸರ್ಕಾರ ಎಲ್ಲಾ ರೀತಿಯ ಸಹಕಾರ ನೀಡಲಿದೆ ಎಂದರು.
ಬೆಂಗಳೂರಿನಲ್ಲಿ ಕ್ವಾಂಟಮ್
ನಗರ ಸ್ಥಾಪನೆ: ಸಚಿವ ಭೋಸರಾಜು
ಜಾಗತಿಕ ಕ್ವಾಂಟಮ್ ಇಂಡಿಯಾ ಬೆಂಗಳೂರು 2025 ಸಮ್ಮೇಳನದಲ್ಲಿ ನೊಬೆಲ್ ಪುರಸ್ಕೃತ ವಿಜ್ಞಾನಿಗಳಾದ ಅಮೆರಿಕಾದ ಪ್ರೊ.ಡಂಕನ್ ಹಾಲ್ಡೇನ್ ಹಾಗೂ ಪ್ರೊ.ಜೇಮ್ಸ್ ಗ್ಲಾಸ್ ಅವರನ್ನು ಮುಖ್ಯಮಂತ್ರಿ ಸಿದ್ದರಾಮಯ್ಯ ಅವರು ಸನ್ಮಾನಿಸಿದರು. ಸಚಿವರಾದ ಎನ್.ಎಸ್.ಬೋಸರಾಜು, ಪ್ರಿಯಾಂಕ್ ಖರ್ಗೆ ಮತ್ತಿತರರು ಉಪಸ್ಥಿತರಿದ್ದರು.
ಕ್ವಾಂಟಮ್ ಕಂಪ್ಯೂಟರ್ ಮಿಷನ್ ಮೂಲಕ ರಾಜ್ಯದಲ್ಲಿ 2 ಲಕ್ಷಕ್ಕೂ ಹೆಚ್ಚು ನೇರ ಉದ್ಯೋಗ ಸೃಷ್ಟಿಸುವ ಗುರಿ ಹೊಂದಲಾಗಿದೆ. 2035ರ ವೇಳೆಗೆ ರಾಜ್ಯದ ಕ್ವಾಂಟಮ್ ಆರ್ಥಿಕತೆಯನ್ನು 20 ಬಿಲಿಯನ್ ಡಾಲರ್‌ಗೆ ವಿಸ್ತರಿಸುವುದು ನಮ್ಮ ಉದ್ದೇಶ. ಬೆಂಗಳೂರಿನಲ್ಲಿ ಕ್ವಾಂಟಮ್ ಸಿಟಿ ಸ್ಥಾಪನೆ ಮಾಡಿ ವಿಶ್ವದರ್ಜೆಯ ಸೌಲಭ್ಯಗಳನ್ನು ಒದಗಿಸಲಾಗುವುದು. ಈ ನಗರದಲ್ಲಿ ಸಂಶೋಧನಾ ಕೇಂದ್ರ, ಕ್ವಾಂಟಮ್ ಹಾರ್ಡ್‌ವೇರ್ ಉತ್ಪಾದನಾ ಘಟಕಗಳು ಹಾಗೂ ಪರೀಕ್ಷಾ ಪ್ರಯೋಗಾಲಯಗಳು ಇರಲಿವೆ. ದೇಶದ ಮೊದಲ ಕ್ವಾಂಟಮ್ ಕಂಪ್ಯೂಟರ್ ಬೆಂಗಳೂರಿನಲ್ಲೇ ಸಿದ್ಧವಾಗಲಿದೆ ಎಂದು ಸಚಿವ ಎನ್.ಎಸ್.ಬೋಸರಾಜು ತಿಳಿಸಿದರು. ರಾಜ್ಯದ ವಿಶ್ವವಿದ್ಯಾಲಯಗಳಲ್ಲಿ ಕ್ವಾಂಟಮ್ ತಂತ್ರಜ್ಞಾನ ಕೋರ್ಸ್‌ಗಳನ್ನು ಆರಂಭಿಸಲಾಗುವುದು. ವಿದ್ಯಾರ್ಥಿಗಳಿಗೆ ವಿದ್ಯಾರ್ಥಿವೇತನ ನೀಡಿ ಸಂಶೋಧನೆಗೆ ಪ್ರೋತ್ಸಾಹ ನೀಡಲಾಗುವುದು. ಕರ್ನಾಟಕ ವಿಶ್ವದ ಅಗ್ರಗಣ್ಯ ಕ್ವಾಂಟಮ್ ಕೇಂದ್ರವಾಗಿ ಹೊರಹೊಮ್ಮಲಿದೆ ಎಂದು ಅವರು ವಿಶ್ವಾಸ ವ್ಯಕ್ತಪಡಿಸಿದರು. ಸಮ್ಮೇಳನದಲ್ಲಿ 5 ಸಾವಿರಕ್ಕೂ ಹೆಚ್ಚು ಪ್ರತಿನಿಧಿಗಳು ಭಾಗವಹಿಸಿದ್ದಾರೆ.
ಸಂಶೋಧನೆ ಮತ್ತು ಅಭಿವೃದ್ಧಿ ಯೋಜನೆಗಳಿಗೆ ಮತ್ತು 15 ಸ್ಟಾರ್ಟ್‌ಅಪ್‌ಗಳಿಗೆ ಅನುದಾನ ಬಿಡುಗಡೆ ಮಾಡಲಾಗಿದೆ. ವಾರ್ಷಿಕ 1,000ಕ್ಕೂ ಹೆಚ್ಚು ಕ್ವಾಂಟಮ್ ತಜ್ಞರಿಗೆ ತರಬೇತಿ ನೀಡಲಾಗುವುದು. ಬೆಂಗಳೂರಿನಲ್ಲಿ ಕ್ವಾಂಟಮ್ ಸಿಟಿಯನ್ನು ಸ್ಥಾಪಿಸಲು ಸರ್ಕಾರ ಬದ್ಧವಾಗಿದೆ. ಇದಕ್ಕಾಗಿ ಈಗಾಗಲೇ ಭೂಮಿ ಗುರುತಿಸಲಾಗಿದೆ. ಮುಂದಿನ ಎರಡು ವರ್ಷಗಳಲ್ಲಿ ಕ್ವಾಂಟಮ್ ಸಿಟಿ ಕಾರ್ಯಾರಂಭ ಮಾಡಲಿದೆ. ಕ್ವಾಂಟಮ್ ತಂತ್ರಜ್ಞಾನ ಆರೋಗ್ಯ, ಕೃಷಿ, ಹಣಕಾಸು, ರಕ್ಷಣೆ ಸೇರಿದಂತೆ ಎಲ್ಲಾ ಕ್ಷೇತ್ರಗಳಲ್ಲಿ ಕ್ರಾಂತಿಕಾರಿ ಬದಲಾವಣೆ ತರಲಿದೆ. ಕ್ವಾಂಟಮ್ ಚಿಪ್ ಫ್ಯಾಬ್ರಿಕೇಷನ್ ಸೌಲಭ್ಯವನ್ನು ಸ್ಥಾಪಿಸಲಾಗುವುದು. ಸರ್ಕಾರ, ಉದ್ಯಮ ಮತ್ತು ಶೈಕ್ಷಣಿಕ ಸಂಸ್ಥೆಗಳ ಸಹಭಾಗಿತ್ವದಲ್ಲಿ ಈ ಯೋಜನೆ ಕಾರ್ಯರೂಪಕ್ಕೆ ಬರಲಿದೆ. ಕರ್ನಾಟಕ ಕ್ವಾಂಟಮ್ ಮಿಷನ್ ದೇಶಕ್ಕೆ ಮಾದರಿಯಾಗಲಿದೆ ಎಂದು ಸಚಿವರು ಹೇಳಿದರು.
ಹುಬ್ಬಳ್ಳಿಯಿಂದ 10 ಮೆಮು ರೈಲು ಸಂಚಾರಕ್ಕೆ ಮನವಿ
ಬೆಂಗಳೂರು ರೈಲು ನಿಲ್ದಾಣ ಬಿಟ್ಟರೆ ಹುಬ್ಬಳ್ಳಿಯೇ ಅತ್ಯಂತ ಜನನಿಬಿಡ ರೈಲು ನಿಲ್ದಾಣವಾಗಿದೆ. ದಿನನಿತ್ಯ ಸಾವಿರಾರು ಪ್ರಯಾಣಿಕರು ಸಂಚರಿಸುತ್ತಾರೆ. ಹುಬ್ಬಳ್ಳಿಯಿಂದ ಧಾರವಾಡ, ಬೆಳಗಾವಿ, ಗದಗ, ಹಾವೇರಿ ಸೇರಿದಂತೆ ವಿವಿಧ ಮಾರ್ಗಗಳಲ್ಲಿ 10 ಮೆಮು ರೈಲುಗಳನ್ನು ಆರಂಭಿಸುವಂತೆ ಕೇಂದ್ರ ರೈಲ್ವೆ ಸಚಿವರಿಗೆ ಮನವಿ ಸಲ್ಲಿಸಲಾಗಿದೆ. ಕೇಂದ್ರ ಸಚಿವ ಪ್ರಹ್ಲಾದ್ ಜೋಶಿ ಅವರು ರೈಲ್ವೆ ಸಚಿವ ಅಶ್ವಿನಿ ವೈಷ್ಣವ್ ಅವರನ್ನು ಭೇಟಿ ಮಾಡಿ ಈ ಕುರಿತು ಚರ್ಚಿಸಿದರು. ● ಹುಬ್ಬಳ್ಳಿ ನಿಲ್ದಾಣ ಮೇಲ್ದರ್ಜೆಗೆ. ಅಮೃತ್ ಭಾರತ್ ಯೋಜನೆಯಡಿ ಹುಬ್ಬಳ್ಳಿ ನಿಲ್ದಾಣವನ್ನು ಮೇಲ್ದರ್ಜೆಗೇರಿಸಲಾಗುತ್ತಿದೆ. ವಿಶ್ವದ ಅತಿ ಉದ್ದದ ಪ್ಲಾಟ್‌ಫಾರಂ ಹೊಂದಿರುವ ನಿಲ್ದಾಣವಾಗಿದೆ. ಈ ಭಾಗದ ಜನರ ಬಹುದಿನದ ಬೇಡಿಕೆ ಈಡೇರಲಿದೆ. ಪ್ರಯಾಣಿಕರ ಅನುಕೂಲಕ್ಕಾಗಿ ಹೆಚ್ಚಿನ ರೈಲುಗಳನ್ನು ಓಡಿಸಬೇಕು ಎಂದು ಮನವಿ ಮಾಡಿದರು. ರೈಲ್ವೆ ಸಚಿವರು ಮನವಿಗೆ ಸಕಾರಾತ್ಮಕವಾಗಿ ಸ್ಪಂದಿಸಿದ್ದು, ಶೀಘ್ರದಲ್ಲೇ ಕ್ರಮ ಕೈಗೊಳ್ಳುವ ಭರವಸೆ ನೀಡಿದ್ದಾರೆ ಎಂದು ಜೋಶಿ ತಿಳಿಸಿದರು. ನಗರದ ಸ್ಮಾರ್ಟ್ ಸಿಟಿ ಯೋಜನೆಗೂ ಇದು ಪೂರಕವಾಗಲಿದೆ. ವಂದೇ ಭಾರತ್ ರೈಲು ಸಂಚಾರ ಕುರಿತು ಚರ್ಚಿಸಲಾಯಿತು.
